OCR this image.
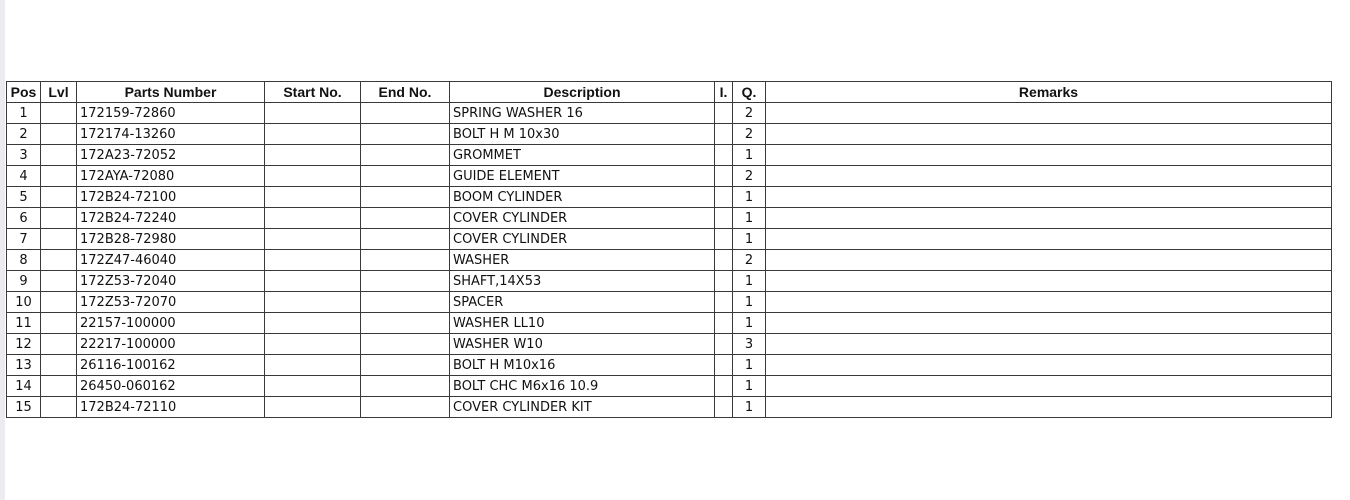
Pos	Lvl	Parts Number	Start No.	End No.	Description	I.	Q.	Remarks
1		172159-72860			SPRING WASHER 16		2	
2		172174-13260			BOLT H M 10x30		2	
3		172A23-72052			GROMMET		1	
4		172AYA-72080			GUIDE ELEMENT		2	
5		172B24-72100			BOOM CYLINDER		1	
6		172B24-72240			COVER CYLINDER		1	
7		172B28-72980			COVER CYLINDER		1	
8		172Z47-46040			WASHER		2	
9		172Z53-72040			SHAFT,14X53		1	
10		172Z53-72070			SPACER		1	
11		22157-100000			WASHER LL10		1	
12		22217-100000			WASHER W10		3	
13		26116-100162			BOLT H M10x16		1	
14		26450-060162			BOLT CHC M6x16 10.9		1	
15		172B24-72110			COVER CYLINDER KIT		1	
